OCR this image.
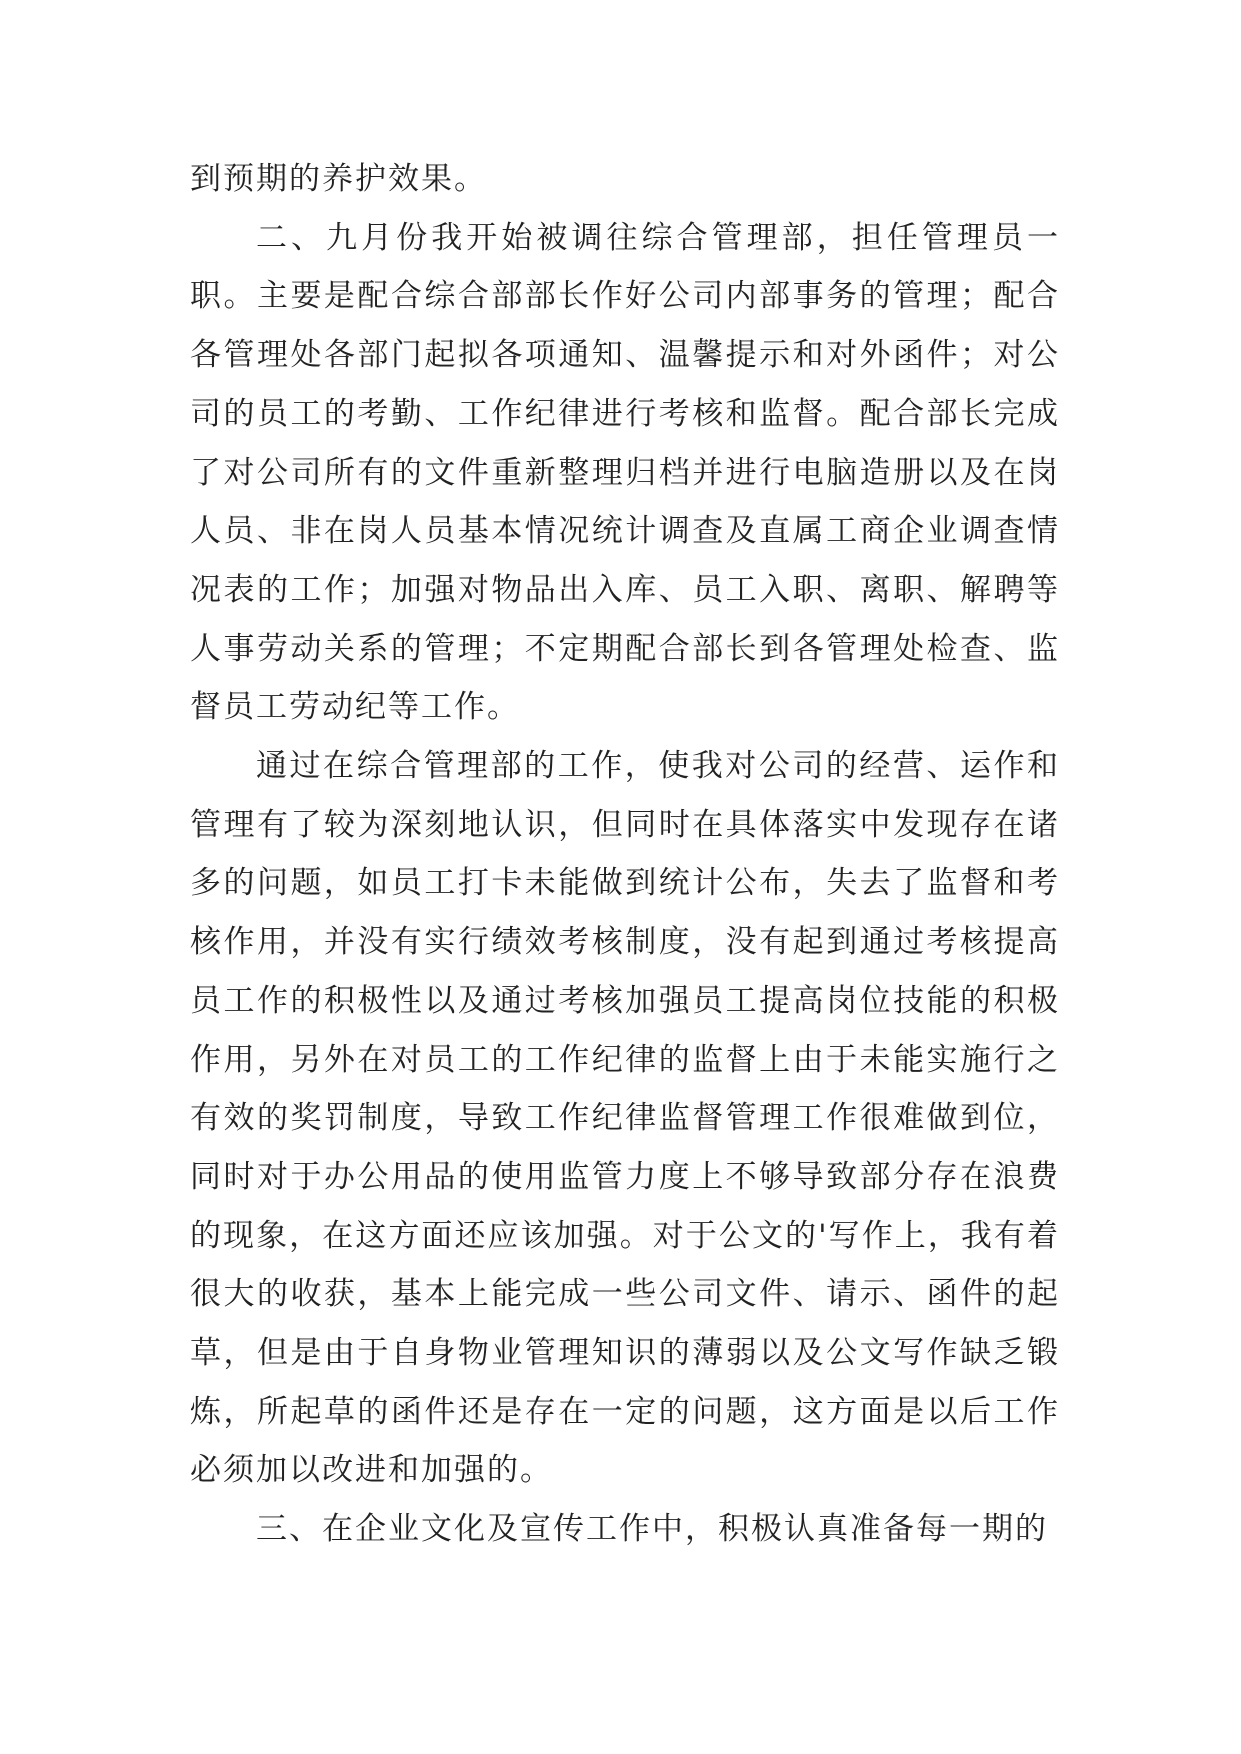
到预期的养护效果。

二、九月份我开始被调往综合管理部，担任管理员一职。主要是配合综合部部长作好公司内部事务的管理；配合各管理处各部门起拟各项通知、温馨提示和对外函件；对公司的员工的考勤、工作纪律进行考核和监督。配合部长完成了对公司所有的文件重新整理归档并进行电脑造册以及在岗人员、非在岗人员基本情况统计调查及直属工商企业调查情况表的工作；加强对物品出入库、员工入职、离职、解聘等人事劳动关系的管理；不定期配合部长到各管理处检查、监督员工劳动纪等工作。

通过在综合管理部的工作，使我对公司的经营、运作和管理有了较为深刻地认识，但同时在具体落实中发现存在诸多的问题，如员工打卡未能做到统计公布，失去了监督和考核作用，并没有实行绩效考核制度，没有起到通过考核提高员工作的积极性以及通过考核加强员工提高岗位技能的积极作用，另外在对员工的工作纪律的监督上由于未能实施行之有效的奖罚制度，导致工作纪律监督管理工作很难做到位，同时对于办公用品的使用监管力度上不够导致部分存在浪费的现象，在这方面还应该加强。对于公文的'写作上，我有着很大的收获，基本上能完成一些公司文件、请示、函件的起草，但是由于自身物业管理知识的薄弱以及公文写作缺乏锻炼，所起草的函件还是存在一定的问题，这方面是以后工作必须加以改进和加强的。

三、在企业文化及宣传工作中，积极认真准备每一期的
